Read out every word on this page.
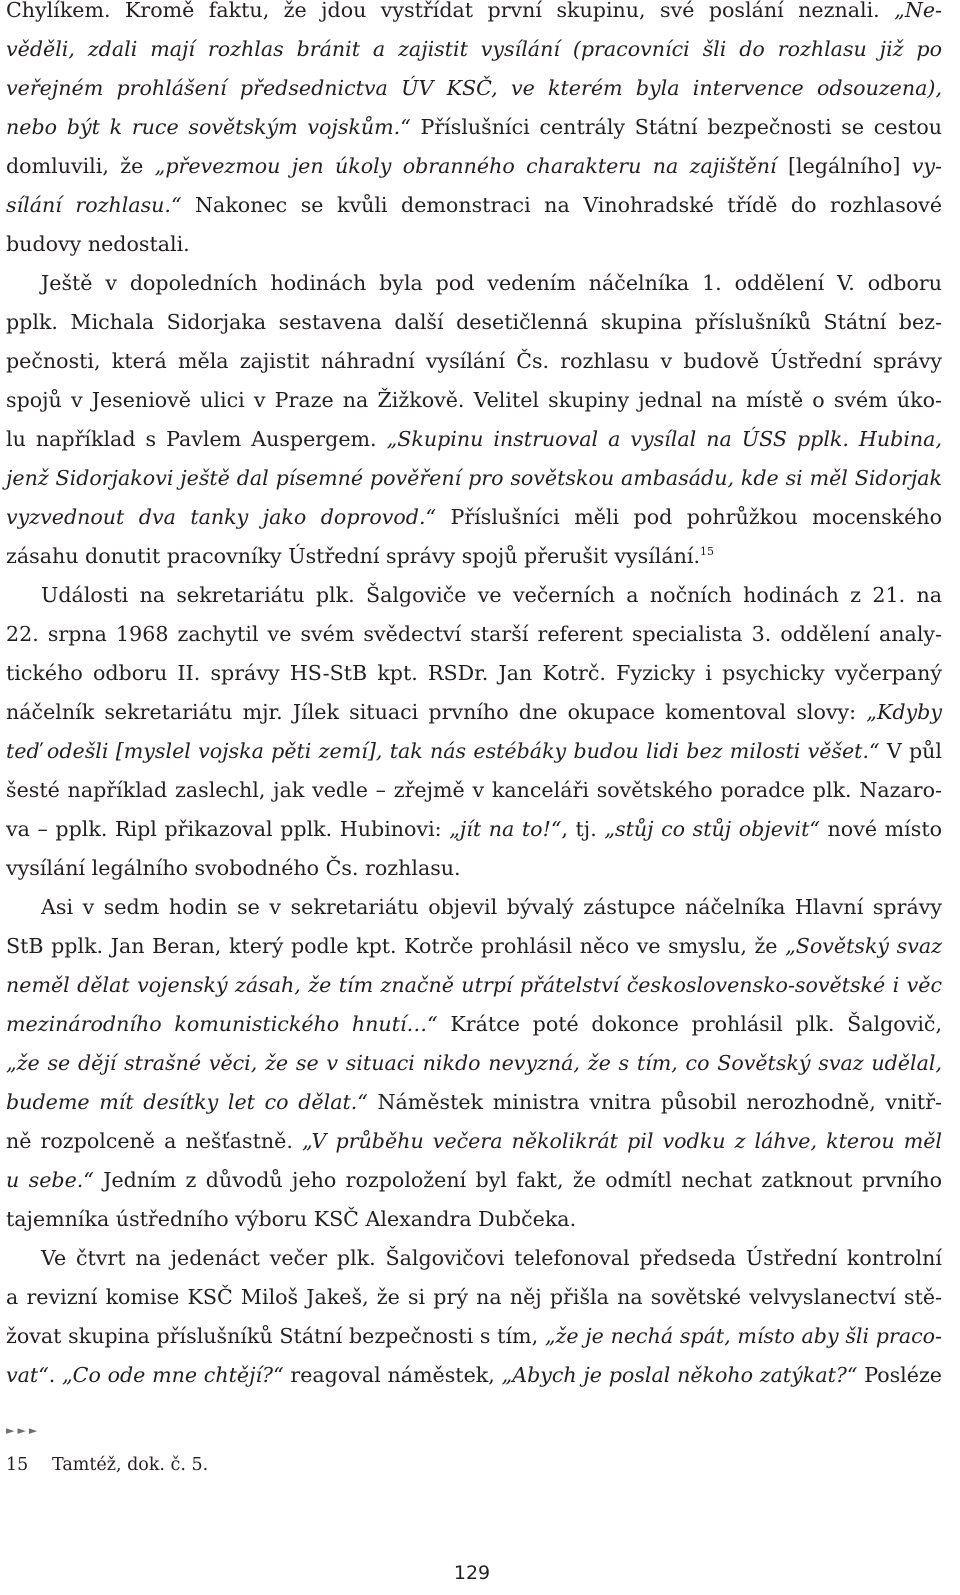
Chylíkem. Kromě faktu, že jdou vystřídat první skupinu, své poslání neznali. „Ne-
věděli, zdali mají rozhlas bránit a zajistit vysílání (pracovníci šli do rozhlasu již po
veřejném prohlášení předsednictva ÚV KSČ, ve kterém byla intervence odsouzena),
nebo být k ruce sovětským vojskům.“ Příslušníci centrály Státní bezpečnosti se cestou
domluvili, že „převezmou jen úkoly obranného charakteru na zajištění [legálního] vy-
sílání rozhlasu.“ Nakonec se kvůli demonstraci na Vinohradské třídě do rozhlasové
budovy nedostali.
Ještě v dopoledních hodinách byla pod vedením náčelníka 1. oddělení V. odboru
pplk. Michala Sidorjaka sestavena další desetičlenná skupina příslušníků Státní bez-
pečnosti, která měla zajistit náhradní vysílání Čs. rozhlasu v budově Ústřední správy
spojů v Jeseniově ulici v Praze na Žižkově. Velitel skupiny jednal na místě o svém úko-
lu například s Pavlem Auspergem. „Skupinu instruoval a vysílal na ÚSS pplk. Hubina,
jenž Sidorjakovi ještě dal písemné pověření pro sovětskou ambasádu, kde si měl Sidorjak
vyzvednout dva tanky jako doprovod.“ Příslušníci měli pod pohrůžkou mocenského
zásahu donutit pracovníky Ústřední správy spojů přerušit vysílání.$^{15}$
Události na sekretariátu plk. Šalgoviče ve večerních a nočních hodinách z 21. na
22. srpna 1968 zachytil ve svém svědectví starší referent specialista 3. oddělení analy-
tického odboru II. správy HS-StB kpt. RSDr. Jan Kotrč. Fyzicky i psychicky vyčerpaný
náčelník sekretariátu mjr. Jílek situaci prvního dne okupace komentoval slovy: „Kdyby
teď odešli [myslel vojska pěti zemí], tak nás estébáky budou lidi bez milosti věšet.“ V půl
šesté například zaslechl, jak vedle – zřejmě v kanceláři sovětského poradce plk. Nazaro-
va – pplk. Ripl přikazoval pplk. Hubinovi: „jít na to!“, tj. „stůj co stůj objevit“ nové místo
vysílání legálního svobodného Čs. rozhlasu.
Asi v sedm hodin se v sekretariátu objevil bývalý zástupce náčelníka Hlavní správy
StB pplk. Jan Beran, který podle kpt. Kotrče prohlásil něco ve smyslu, že „Sovětský svaz
neměl dělat vojenský zásah, že tím značně utrpí přátelství československo-sovětské i věc
mezinárodního komunistického hnutí…“ Krátce poté dokonce prohlásil plk. Šalgovič,
„že se dějí strašné věci, že se v situaci nikdo nevyzná, že s tím, co Sovětský svaz udělal,
budeme mít desítky let co dělat.“ Náměstek ministra vnitra působil nerozhodně, vnitř-
ně rozpolceně a nešťastně. „V průběhu večera několikrát pil vodku z láhve, kterou měl
u sebe.“ Jedním z důvodů jeho rozpoložení byl fakt, že odmítl nechat zatknout prvního
tajemníka ústředního výboru KSČ Alexandra Dubčeka.
Ve čtvrt na jedenáct večer plk. Šalgovičovi telefonoval předseda Ústřední kontrolní
a revizní komise KSČ Miloš Jakeš, že si prý na něj přišla na sovětské velvyslanectví stě-
žovat skupina příslušníků Státní bezpečnosti s tím, „že je nechá spát, místo aby šli praco-
vat“. „Co ode mne chtějí?“ reagoval náměstek, „Abych je poslal někoho zatýkat?“ Posléze
►►►
15 Tamtéž, dok. č. 5.
129
